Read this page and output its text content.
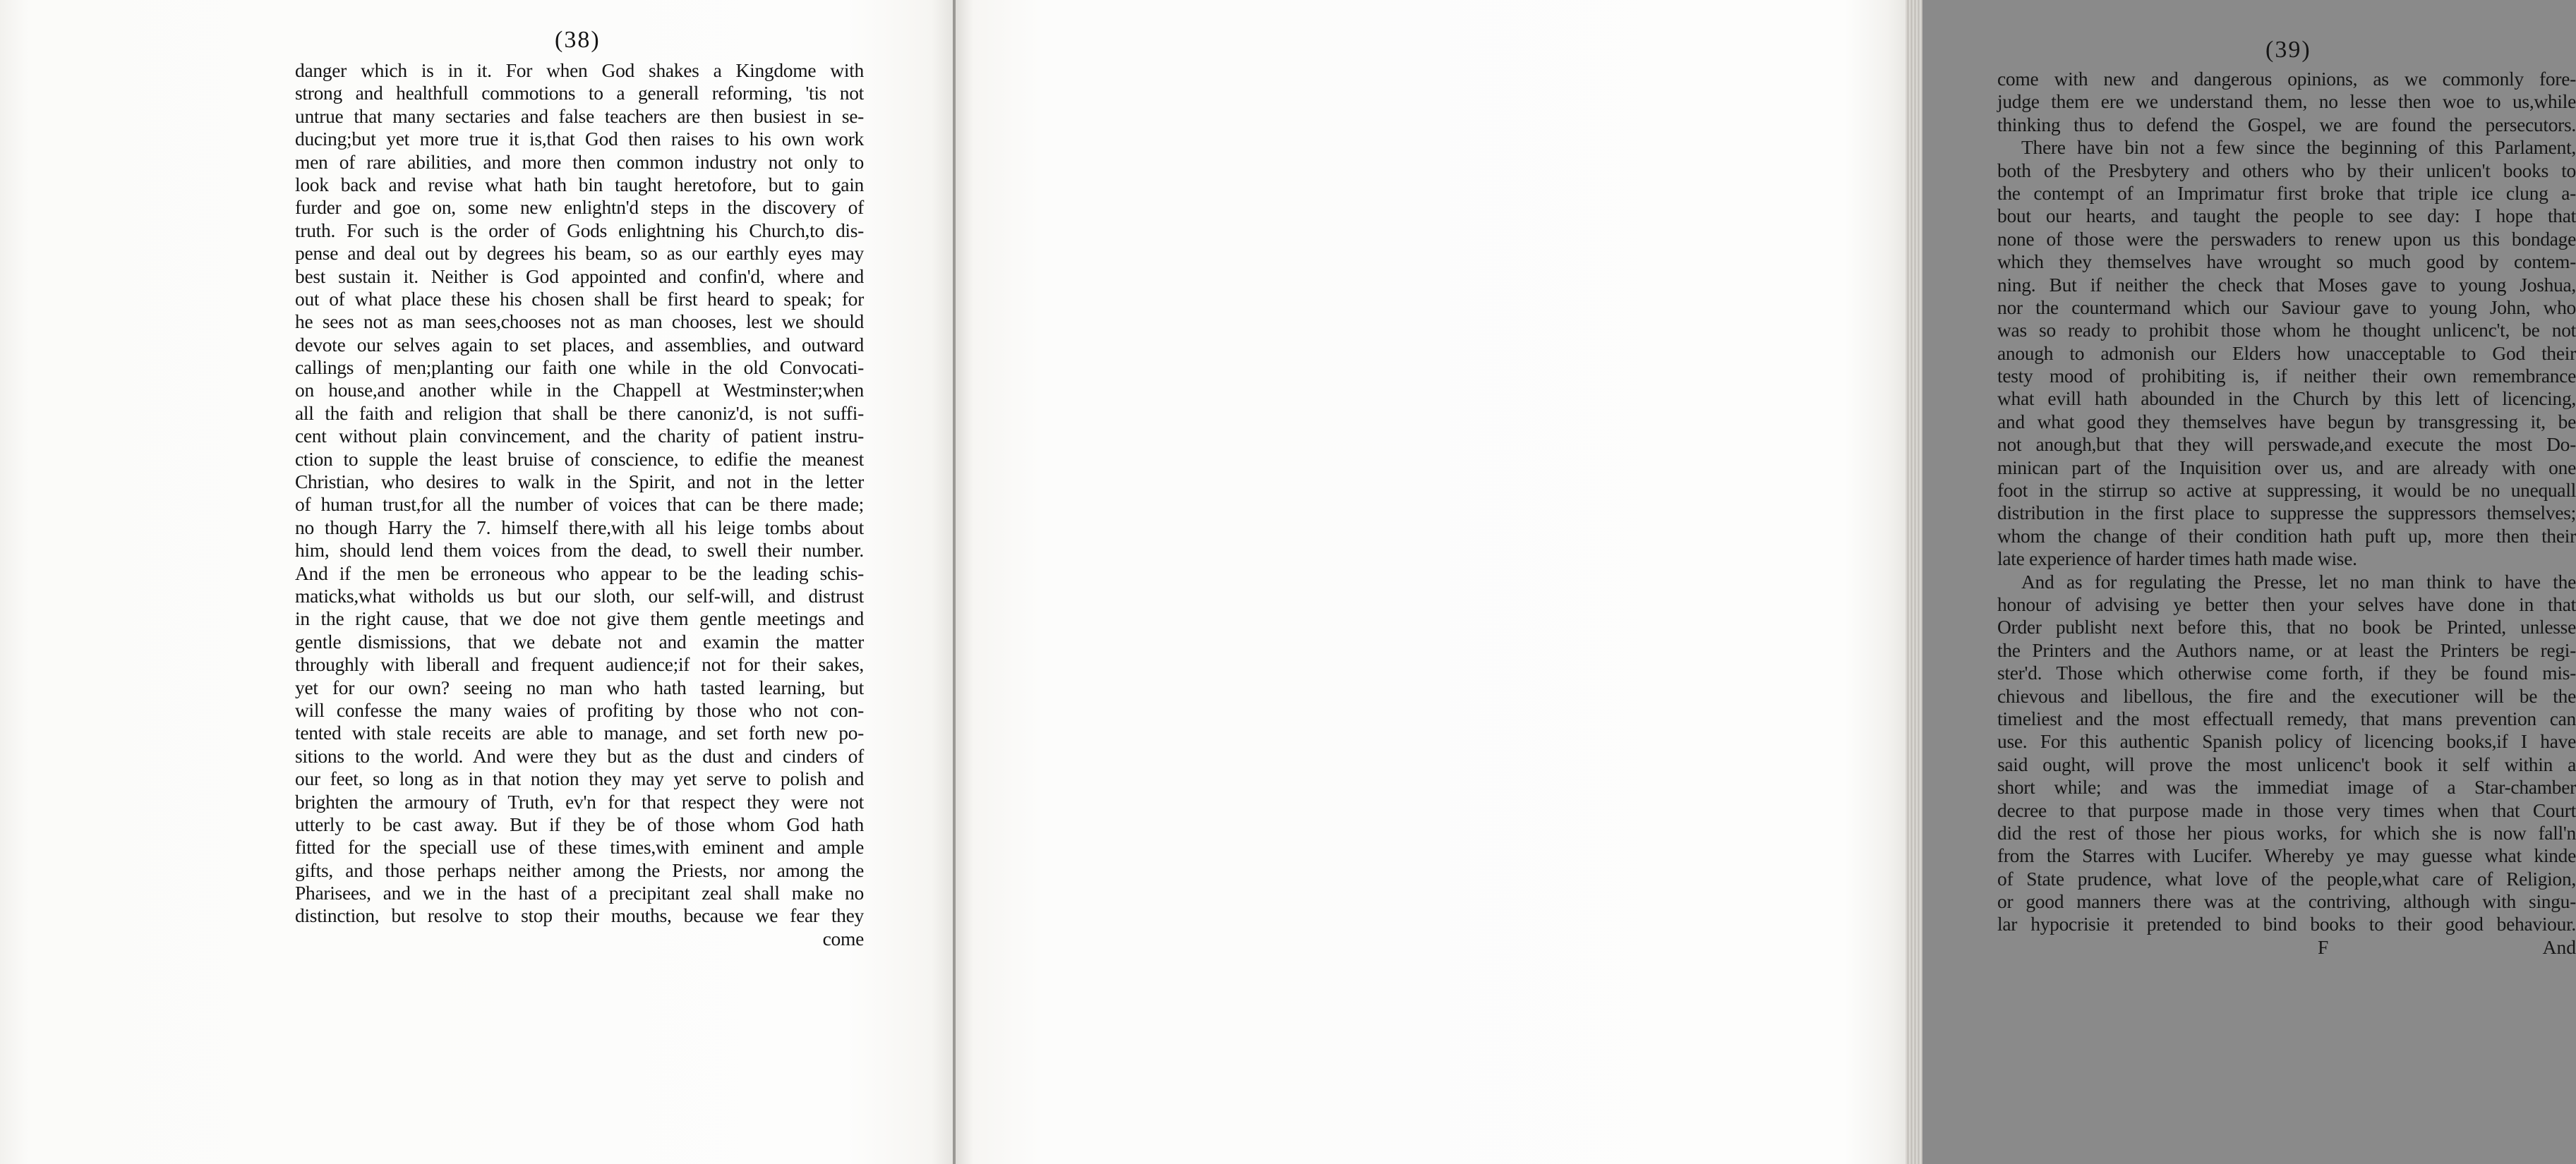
(38)
danger which is in it. For when God shakes a Kingdome with
strong and healthfull commotions to a generall reforming, 'tis not
untrue that many sectaries and false teachers are then busiest in se-
ducing;but yet more true it is,that God then raises to his own work
men of rare abilities, and more then common industry not only to
look back and revise what hath bin taught heretofore, but to gain
furder and goe on, some new enlightn'd steps in the discovery of
truth. For such is the order of Gods enlightning his Church,to dis-
pense and deal out by degrees his beam, so as our earthly eyes may
best sustain it. Neither is God appointed and confin'd, where and
out of what place these his chosen shall be first heard to speak; for
he sees not as man sees,chooses not as man chooses, lest we should
devote our selves again to set places, and assemblies, and outward
callings of men;planting our faith one while in the old Convocati-
on house,and another while in the Chappell at Westminster;when
all the faith and religion that shall be there canoniz'd, is not suffi-
cent without plain convincement, and the charity of patient instru-
ction to supple the least bruise of conscience, to edifie the meanest
Christian, who desires to walk in the Spirit, and not in the letter
of human trust,for all the number of voices that can be there made;
no though Harry the 7. himself there,with all his leige tombs about
him, should lend them voices from the dead, to swell their number.
And if the men be erroneous who appear to be the leading schis-
maticks,what witholds us but our sloth, our self-will, and distrust
in the right cause, that we doe not give them gentle meetings and
gentle dismissions, that we debate not and examin the matter
throughly with liberall and frequent audience;if not for their sakes,
yet for our own? seeing no man who hath tasted learning, but
will confesse the many waies of profiting by those who not con-
tented with stale receits are able to manage, and set forth new po-
sitions to the world. And were they but as the dust and cinders of
our feet, so long as in that notion they may yet serve to polish and
brighten the armoury of Truth, ev'n for that respect they were not
utterly to be cast away. But if they be of those whom God hath
fitted for the speciall use of these times,with eminent and ample
gifts, and those perhaps neither among the Priests, nor among the
Pharisees, and we in the hast of a precipitant zeal shall make no
distinction, but resolve to stop their mouths, because we fear they
come
(39)
come with new and dangerous opinions, as we commonly fore-
judge them ere we understand them, no lesse then woe to us,while
thinking thus to defend the Gospel, we are found the persecutors.
There have bin not a few since the beginning of this Parlament,
both of the Presbytery and others who by their unlicen't books to
the contempt of an Imprimatur first broke that triple ice clung a-
bout our hearts, and taught the people to see day: I hope that
none of those were the perswaders to renew upon us this bondage
which they themselves have wrought so much good by contem-
ning. But if neither the check that Moses gave to young Joshua,
nor the countermand which our Saviour gave to young John, who
was so ready to prohibit those whom he thought unlicenc't, be not
anough to admonish our Elders how unacceptable to God their
testy mood of prohibiting is, if neither their own remembrance
what evill hath abounded in the Church by this lett of licencing,
and what good they themselves have begun by transgressing it, be
not anough,but that they will perswade,and execute the most Do-
minican part of the Inquisition over us, and are already with one
foot in the stirrup so active at suppressing, it would be no unequall
distribution in the first place to suppresse the suppressors themselves;
whom the change of their condition hath puft up, more then their
late experience of harder times hath made wise.
And as for regulating the Presse, let no man think to have the
honour of advising ye better then your selves have done in that
Order publisht next before this, that no book be Printed, unlesse
the Printers and the Authors name, or at least the Printers be regi-
ster'd. Those which otherwise come forth, if they be found mis-
chievous and libellous, the fire and the executioner will be the
timeliest and the most effectuall remedy, that mans prevention can
use. For this authentic Spanish policy of licencing books,if I have
said ought, will prove the most unlicenc't book it self within a
short while; and was the immediat image of a Star-chamber
decree to that purpose made in those very times when that Court
did the rest of those her pious works, for which she is now fall'n
from the Starres with Lucifer. Whereby ye may guesse what kinde
of State prudence, what love of the people,what care of Religion,
or good manners there was at the contriving, although with singu-
lar hypocrisie it pretended to bind books to their good behaviour.
F	And
